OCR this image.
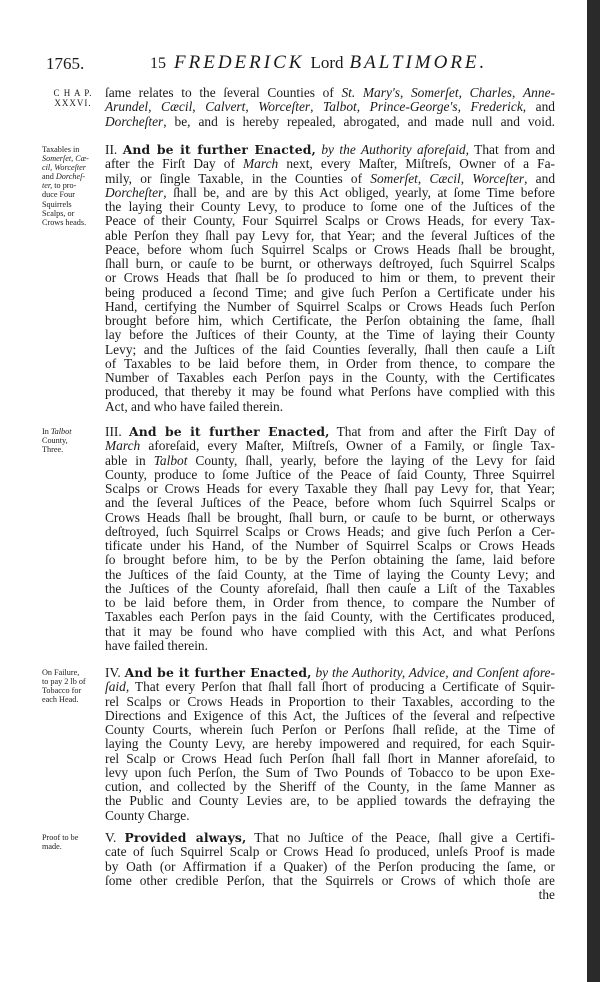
1765.	15 FREDERICK Lord BALTIMORE.
C H A P.
XXXVI.
Taxables in
Somerſet, Cæ-
cil, Worceſter
and Dorcheſ-
ter, to pro-
duce Four
Squirrels
Scalps, or
Crows heads.
In Talbot
County,
Three.
On Failure,
to pay 2 lb of
Tobacco for
each Head.
Proof to be
made.
ſame relates to the ſeveral Counties of St. Mary's, Somerſet, Charles, Anne-
Arundel, Cæcil, Calvert, Worceſter, Talbot, Prince-George's, Frederick, and
Dorcheſter, be, and is hereby repealed, abrogated, and made null and void.
II. And be it further Enacted, by the Authority aforeſaid, That from and
after the Firſt Day of March next, every Maſter, Miſtreſs, Owner of a Fa-
mily, or ſingle Taxable, in the Counties of Somerſet, Cæcil, Worceſter, and
Dorcheſter, ſhall be, and are by this Act obliged, yearly, at ſome Time before
the laying their County Levy, to produce to ſome one of the Juſtices of the
Peace of their County, Four Squirrel Scalps or Crows Heads, for every Tax-
able Perſon they ſhall pay Levy for, that Year; and the ſeveral Juſtices of the
Peace, before whom ſuch Squirrel Scalps or Crows Heads ſhall be brought,
ſhall burn, or cauſe to be burnt, or otherways deſtroyed, ſuch Squirrel Scalps
or Crows Heads that ſhall be ſo produced to him or them, to prevent their
being produced a ſecond Time; and give ſuch Perſon a Certificate under his
Hand, certifying the Number of Squirrel Scalps or Crows Heads ſuch Perſon
brought before him, which Certificate, the Perſon obtaining the ſame, ſhall
lay before the Juſtices of their County, at the Time of laying their County
Levy; and the Juſtices of the ſaid Counties ſeverally, ſhall then cauſe a Liſt
of Taxables to be laid before them, in Order from thence, to compare the
Number of Taxables each Perſon pays in the County, with the Certificates
produced, that thereby it may be found what Perſons have complied with this
Act, and who have failed therein.
III. And be it further Enacted, That from and after the Firſt Day of
March aforeſaid, every Maſter, Miſtreſs, Owner of a Family, or ſingle Tax-
able in Talbot County, ſhall, yearly, before the laying of the Levy for ſaid
County, produce to ſome Juſtice of the Peace of ſaid County, Three Squirrel
Scalps or Crows Heads for every Taxable they ſhall pay Levy for, that Year;
and the ſeveral Juſtices of the Peace, before whom ſuch Squirrel Scalps or
Crows Heads ſhall be brought, ſhall burn, or cauſe to be burnt, or otherways
deſtroyed, ſuch Squirrel Scalps or Crows Heads; and give ſuch Perſon a Cer-
tificate under his Hand, of the Number of Squirrel Scalps or Crows Heads
ſo brought before him, to be by the Perſon obtaining the ſame, laid before
the Juſtices of the ſaid County, at the Time of laying the County Levy; and
the Juſtices of the County aforeſaid, ſhall then cauſe a Liſt of the Taxables
to be laid before them, in Order from thence, to compare the Number of
Taxables each Perſon pays in the ſaid County, with the Certificates produced,
that it may be found who have complied with this Act, and what Perſons
have failed therein.
IV. And be it further Enacted, by the Authority, Advice, and Conſent afore-
ſaid, That every Perſon that ſhall fall ſhort of producing a Certificate of Squir-
rel Scalps or Crows Heads in Proportion to their Taxables, according to the
Directions and Exigence of this Act, the Juſtices of the ſeveral and reſpective
County Courts, wherein ſuch Perſon or Perſons ſhall reſide, at the Time of
laying the County Levy, are hereby impowered and required, for each Squir-
rel Scalp or Crows Head ſuch Perſon ſhall fall ſhort in Manner aforeſaid, to
levy upon ſuch Perſon, the Sum of Two Pounds of Tobacco to be upon Exe-
cution, and collected by the Sheriff of the County, in the ſame Manner as
the Public and County Levies are, to be applied towards the defraying the
County Charge.
V. Provided always, That no Juſtice of the Peace, ſhall give a Certifi-
cate of ſuch Squirrel Scalp or Crows Head ſo produced, unleſs Proof is made
by Oath (or Affirmation if a Quaker) of the Perſon producing the ſame, or
ſome other credible Perſon, that the Squirrels or Crows of which thoſe are
the
